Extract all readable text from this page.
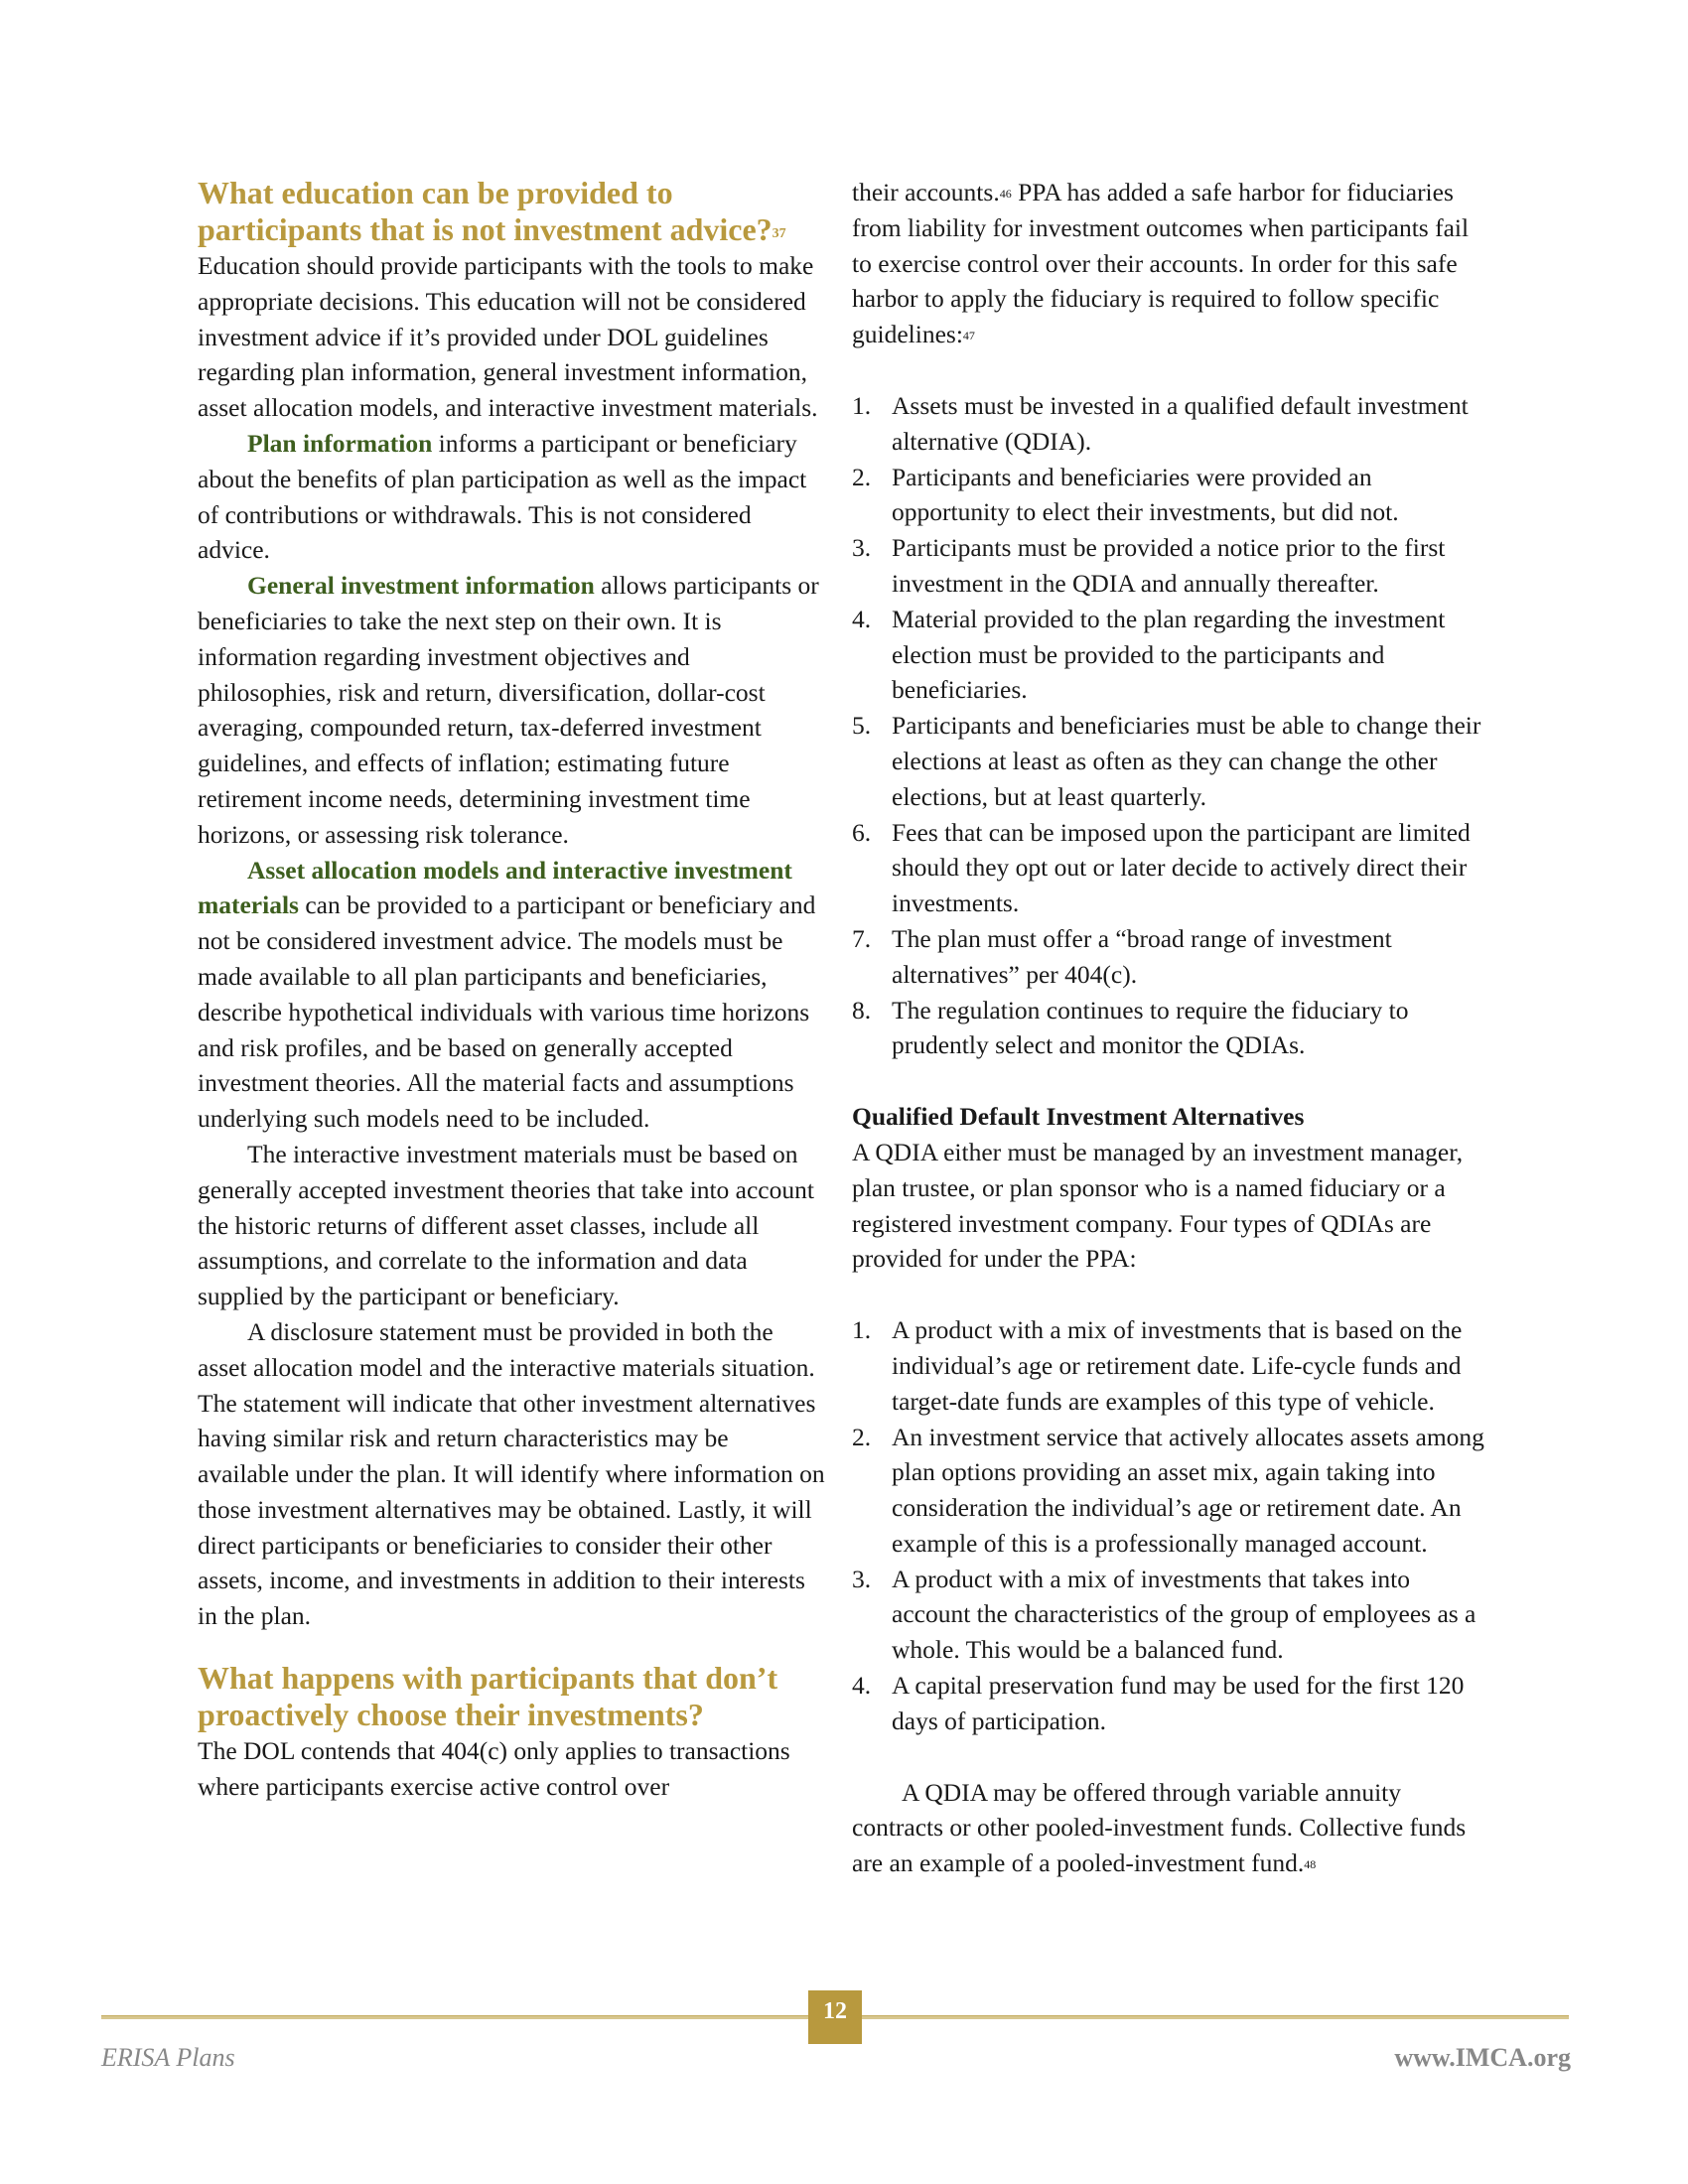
What education can be provided to participants that is not investment advice?$^{37}$

Education should provide participants with the tools to make appropriate decisions. This education will not be considered investment advice if it’s provided under DOL guidelines regarding plan information, general investment information, asset allocation models, and interactive investment materials.

Plan information informs a participant or beneficiary about the benefits of plan participation as well as the impact of contributions or withdrawals. This is not considered advice.

General investment information allows participants or beneficiaries to take the next step on their own. It is information regarding investment objectives and philosophies, risk and return, diversification, dollar-cost averaging, compounded return, tax-deferred investment guidelines, and effects of inflation; estimating future retirement income needs, determining investment time horizons, or assessing risk tolerance.

Asset allocation models and interactive investment materials can be provided to a participant or beneficiary and not be considered investment advice. The models must be made available to all plan participants and beneficiaries, describe hypothetical individuals with various time horizons and risk profiles, and be based on generally accepted investment theories. All the material facts and assumptions underlying such models need to be included.

The interactive investment materials must be based on generally accepted investment theories that take into account the historic returns of different asset classes, include all assumptions, and correlate to the information and data supplied by the participant or beneficiary.

A disclosure statement must be provided in both the asset allocation model and the interactive materials situation. The statement will indicate that other investment alternatives having similar risk and return characteristics may be available under the plan. It will identify where information on those investment alternatives may be obtained. Lastly, it will direct participants or beneficiaries to consider their other assets, income, and investments in addition to their interests in the plan.

What happens with participants that don’t proactively choose their investments?

The DOL contends that 404(c) only applies to transactions where participants exercise active control over

their accounts.$^{46}$ PPA has added a safe harbor for fiduciaries from liability for investment outcomes when participants fail to exercise control over their accounts. In order for this safe harbor to apply the fiduciary is required to follow specific guidelines:$^{47}$

1. Assets must be invested in a qualified default investment alternative (QDIA).
2. Participants and beneficiaries were provided an opportunity to elect their investments, but did not.
3. Participants must be provided a notice prior to the first investment in the QDIA and annually thereafter.
4. Material provided to the plan regarding the investment election must be provided to the participants and beneficiaries.
5. Participants and beneficiaries must be able to change their elections at least as often as they can change the other elections, but at least quarterly.
6. Fees that can be imposed upon the participant are limited should they opt out or later decide to actively direct their investments.
7. The plan must offer a “broad range of investment alternatives” per 404(c).
8. The regulation continues to require the fiduciary to prudently select and monitor the QDIAs.
Qualified Default Investment Alternatives

A QDIA either must be managed by an investment manager, plan trustee, or plan sponsor who is a named fiduciary or a registered investment company. Four types of QDIAs are provided for under the PPA:

1. A product with a mix of investments that is based on the individual’s age or retirement date. Life-cycle funds and target-date funds are examples of this type of vehicle.
2. An investment service that actively allocates assets among plan options providing an asset mix, again taking into consideration the individual’s age or retirement date. An example of this is a professionally managed account.
3. A product with a mix of investments that takes into account the characteristics of the group of employees as a whole. This would be a balanced fund.
4. A capital preservation fund may be used for the first 120 days of participation.

A QDIA may be offered through variable annuity contracts or other pooled-investment funds. Collective funds are an example of a pooled-investment fund.$^{48}$

12
ERISA Plans	www.IMCA.org
